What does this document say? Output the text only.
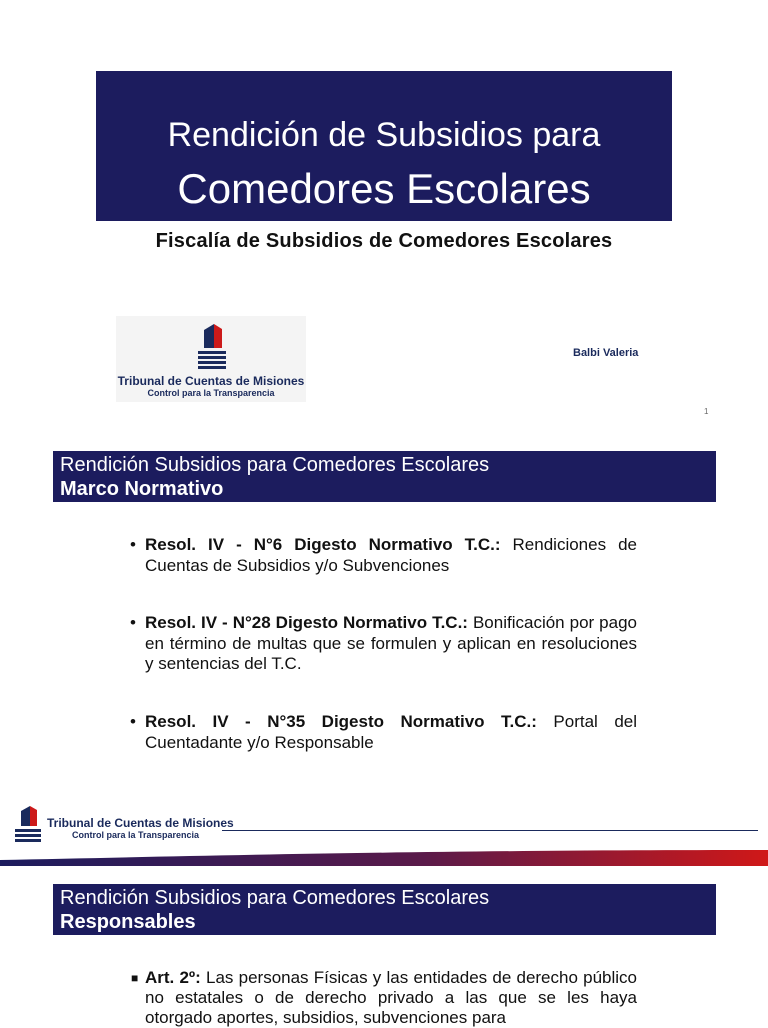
Rendición de Subsidios para
Comedores Escolares
Fiscalía de Subsidios de Comedores Escolares
Tribunal de Cuentas de Misiones
Control para la Transparencia
Balbi Valeria
1
Rendición Subsidios para Comedores Escolares
Marco Normativo
• Resol. IV - N°6 Digesto Normativo T.C.: Rendiciones de Cuentas de Subsidios y/o Subvenciones
• Resol. IV - N°28 Digesto Normativo T.C.: Bonificación por pago en término de multas que se formulen y aplican en resoluciones y sentencias del T.C.
• Resol. IV - N°35 Digesto Normativo T.C.: Portal del Cuentadante y/o Responsable
Tribunal de Cuentas de Misiones
Control para la Transparencia
Rendición Subsidios para Comedores Escolares
Responsables
■ Art. 2º: Las personas Físicas y las entidades de derecho público no estatales o de derecho privado a las que se les haya otorgado aportes, subsidios, subvenciones para
